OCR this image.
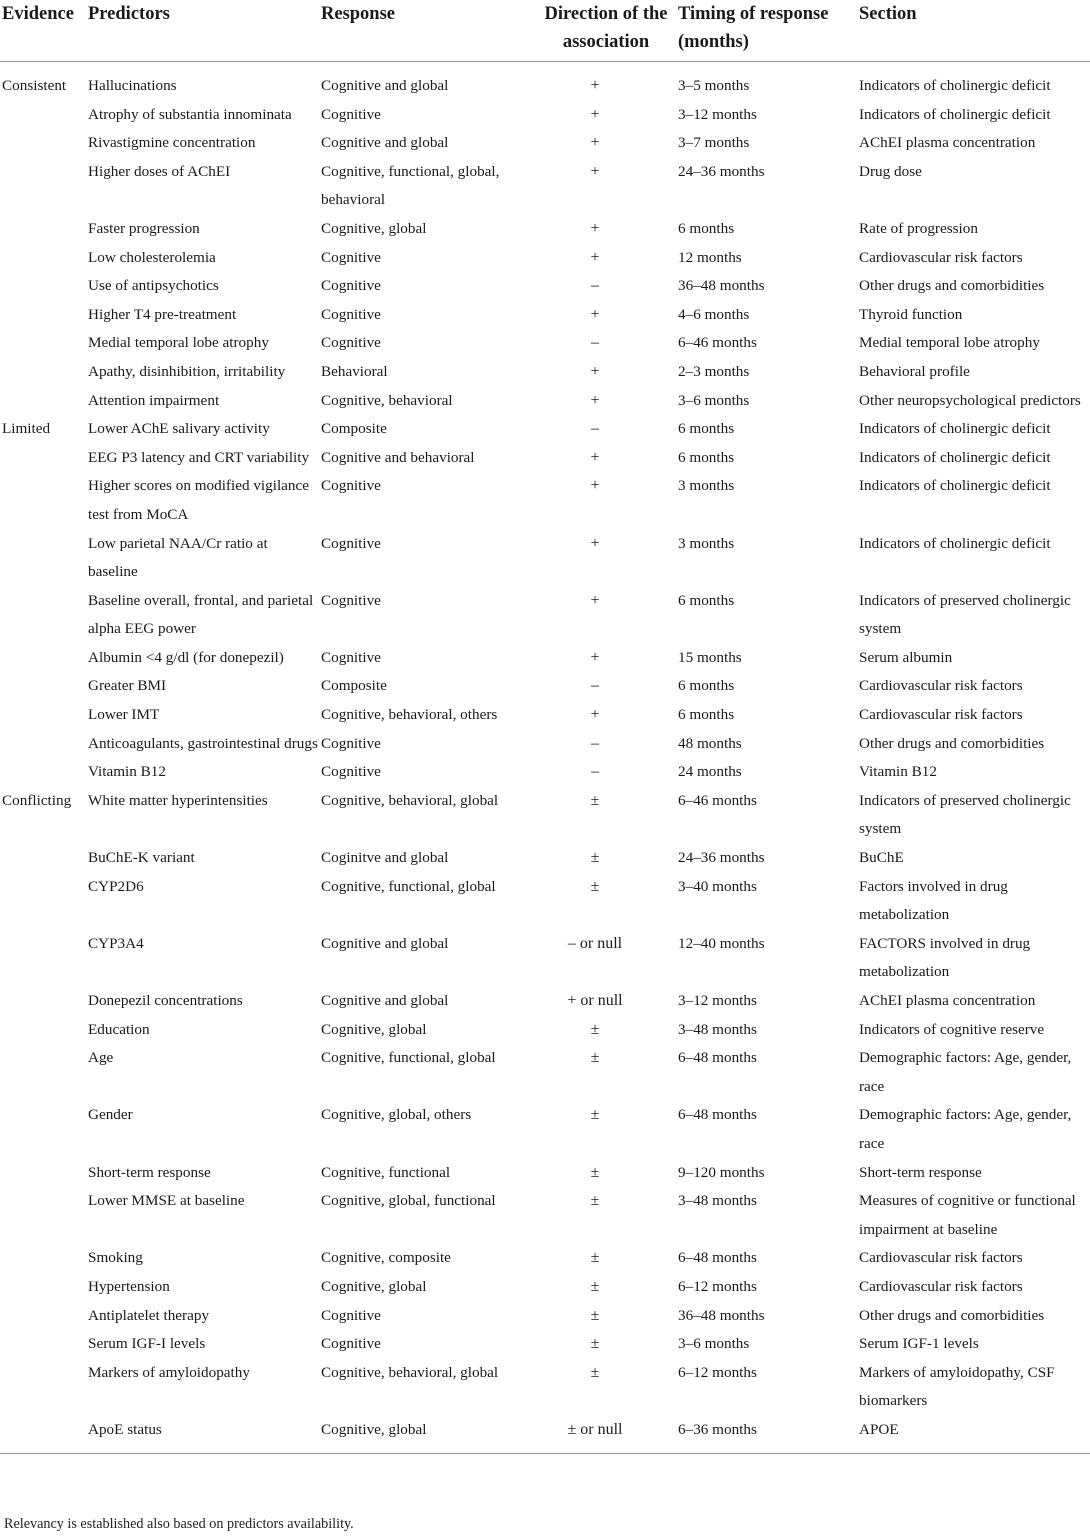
Evidence	Predictors	Response	Direction of the association	Timing of response (months)	Section
Consistent	Hallucinations	Cognitive and global	+	3–5 months	Indicators of cholinergic deficit
	Atrophy of substantia innominata	Cognitive	+	3–12 months	Indicators of cholinergic deficit
	Rivastigmine concentration	Cognitive and global	+	3–7 months	AChEI plasma concentration
	Higher doses of AChEI	Cognitive, functional, global, behavioral	+	24–36 months	Drug dose
	Faster progression	Cognitive, global	+	6 months	Rate of progression
	Low cholesterolemia	Cognitive	+	12 months	Cardiovascular risk factors
	Use of antipsychotics	Cognitive	–	36–48 months	Other drugs and comorbidities
	Higher T4 pre-treatment	Cognitive	+	4–6 months	Thyroid function
	Medial temporal lobe atrophy	Cognitive	–	6–46 months	Medial temporal lobe atrophy
	Apathy, disinhibition, irritability	Behavioral	+	2–3 months	Behavioral profile
	Attention impairment	Cognitive, behavioral	+	3–6 months	Other neuropsychological predictors
Limited	Lower AChE salivary activity	Composite	–	6 months	Indicators of cholinergic deficit
	EEG P3 latency and CRT variability	Cognitive and behavioral	+	6 months	Indicators of cholinergic deficit
	Higher scores on modified vigilance test from MoCA	Cognitive	+	3 months	Indicators of cholinergic deficit
	Low parietal NAA/Cr ratio at baseline	Cognitive	+	3 months	Indicators of cholinergic deficit
	Baseline overall, frontal, and parietal alpha EEG power	Cognitive	+	6 months	Indicators of preserved cholinergic system
	Albumin <4 g/dl (for donepezil)	Cognitive	+	15 months	Serum albumin
	Greater BMI	Composite	–	6 months	Cardiovascular risk factors
	Lower IMT	Cognitive, behavioral, others	+	6 months	Cardiovascular risk factors
	Anticoagulants, gastrointestinal drugs	Cognitive	–	48 months	Other drugs and comorbidities
	Vitamin B12	Cognitive	–	24 months	Vitamin B12
Conflicting	White matter hyperintensities	Cognitive, behavioral, global	±	6–46 months	Indicators of preserved cholinergic system
	BuChE-K variant	Coginitve and global	±	24–36 months	BuChE
	CYP2D6	Cognitive, functional, global	±	3–40 months	Factors involved in drug metabolization
	CYP3A4	Cognitive and global	– or null	12–40 months	FACTORS involved in drug metabolization
	Donepezil concentrations	Cognitive and global	+ or null	3–12 months	AChEI plasma concentration
	Education	Cognitive, global	±	3–48 months	Indicators of cognitive reserve
	Age	Cognitive, functional, global	±	6–48 months	Demographic factors: Age, gender, race
	Gender	Cognitive, global, others	±	6–48 months	Demographic factors: Age, gender, race
	Short-term response	Cognitive, functional	±	9–120 months	Short-term response
	Lower MMSE at baseline	Cognitive, global, functional	±	3–48 months	Measures of cognitive or functional impairment at baseline
	Smoking	Cognitive, composite	±	6–48 months	Cardiovascular risk factors
	Hypertension	Cognitive, global	±	6–12 months	Cardiovascular risk factors
	Antiplatelet therapy	Cognitive	±	36–48 months	Other drugs and comorbidities
	Serum IGF-I levels	Cognitive	±	3–6 months	Serum IGF-1 levels
	Markers of amyloidopathy	Cognitive, behavioral, global	±	6–12 months	Markers of amyloidopathy, CSF biomarkers
	ApoE status	Cognitive, global	± or null	6–36 months	APOE
Relevancy is established also based on predictors availability.
